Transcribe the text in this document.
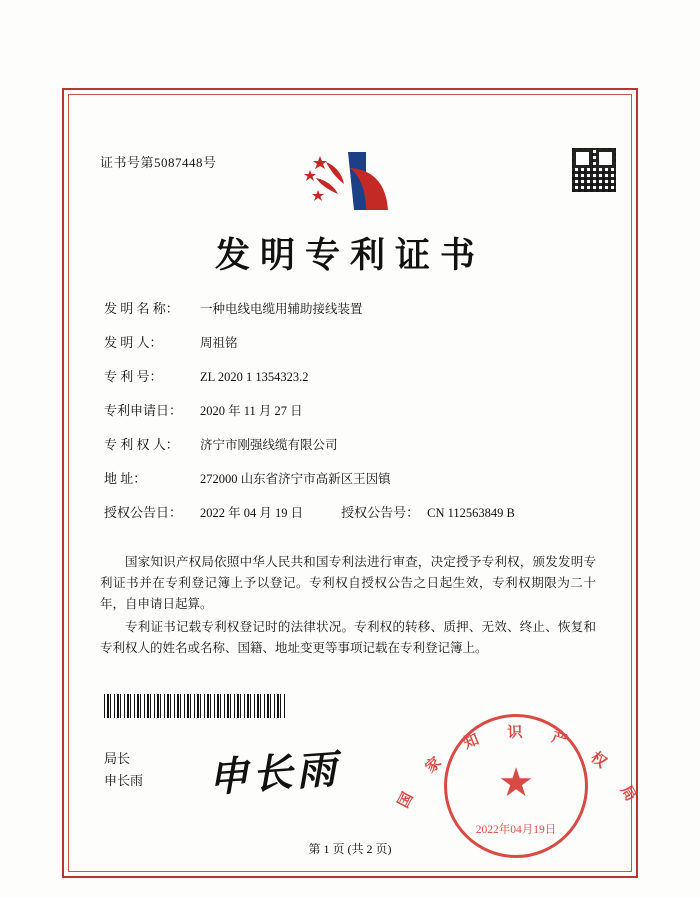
证书号第5087448号
发明专利证书
发 明 名 称：	一种电线电缆用辅助接线装置
发 明 人：	周祖铭
专 利 号：	ZL 2020 1 1354323.2
专利申请日：	2020 年 11 月 27 日
专 利 权 人：	济宁市刚强线缆有限公司
地 址：	272000 山东省济宁市高新区王因镇
授权公告日：	2022 年 04 月 19 日	授权公告号： CN 112563849 B

国家知识产权局依照中华人民共和国专利法进行审查，决定授予专利权，颁发发明专利证书并在专利登记簿上予以登记。专利权自授权公告之日起生效，专利权期限为二十年，自申请日起算。

专利证书记载专利权登记时的法律状况。专利权的转移、质押、无效、终止、恢复和专利权人的姓名或名称、国籍、地址变更等事项记载在专利登记簿上。

局长
申长雨 申长雨	国
家
知 识 产
权
局
★
2022年04月19日
第 1 页 (共 2 页)
